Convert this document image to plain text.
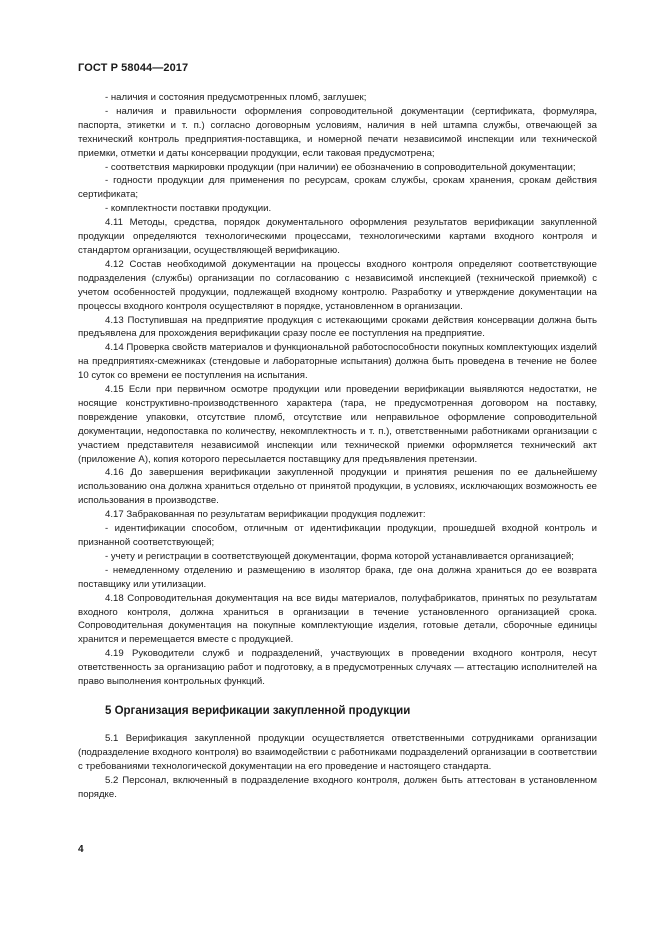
ГОСТ Р 58044—2017

- наличия и состояния предусмотренных пломб, заглушек;

- наличия и правильности оформления сопроводительной документации (сертификата, формуляра, паспорта, этикетки и т. п.) согласно договорным условиям, наличия в ней штампа службы, отвечающей за технический контроль предприятия-поставщика, и номерной печати независимой инспекции или технической приемки, отметки и даты консервации продукции, если таковая предусмотрена;

- соответствия маркировки продукции (при наличии) ее обозначению в сопроводительной документации;

- годности продукции для применения по ресурсам, срокам службы, срокам хранения, срокам действия сертификата;

- комплектности поставки продукции.

4.11 Методы, средства, порядок документального оформления результатов верификации закупленной продукции определяются технологическими процессами, технологическими картами входного контроля и стандартом организации, осуществляющей верификацию.

4.12 Состав необходимой документации на процессы входного контроля определяют соответствующие подразделения (службы) организации по согласованию с независимой инспекцией (технической приемкой) с учетом особенностей продукции, подлежащей входному контролю. Разработку и утверждение документации на процессы входного контроля осуществляют в порядке, установленном в организации.

4.13 Поступившая на предприятие продукция с истекающими сроками действия консервации должна быть предъявлена для прохождения верификации сразу после ее поступления на предприятие.

4.14 Проверка свойств материалов и функциональной работоспособности покупных комплектующих изделий на предприятиях-смежниках (стендовые и лабораторные испытания) должна быть проведена в течение не более 10 суток со времени ее поступления на испытания.

4.15 Если при первичном осмотре продукции или проведении верификации выявляются недостатки, не носящие конструктивно-производственного характера (тара, не предусмотренная договором на поставку, повреждение упаковки, отсутствие пломб, отсутствие или неправильное оформление сопроводительной документации, недопоставка по количеству, некомплектность и т. п.), ответственными работниками организации с участием представителя независимой инспекции или технической приемки оформляется технический акт (приложение А), копия которого пересылается поставщику для предъявления претензии.

4.16 До завершения верификации закупленной продукции и принятия решения по ее дальнейшему использованию она должна храниться отдельно от принятой продукции, в условиях, исключающих возможность ее использования в производстве.

4.17 Забракованная по результатам верификации продукция подлежит:

- идентификации способом, отличным от идентификации продукции, прошедшей входной контроль и признанной соответствующей;

- учету и регистрации в соответствующей документации, форма которой устанавливается организацией;

- немедленному отделению и размещению в изолятор брака, где она должна храниться до ее возврата поставщику или утилизации.

4.18 Сопроводительная документация на все виды материалов, полуфабрикатов, принятых по результатам входного контроля, должна храниться в организации в течение установленного организацией срока. Сопроводительная документация на покупные комплектующие изделия, готовые детали, сборочные единицы хранится и перемещается вместе с продукцией.

4.19 Руководители служб и подразделений, участвующих в проведении входного контроля, несут ответственность за организацию работ и подготовку, а в предусмотренных случаях — аттестацию исполнителей на право выполнения контрольных функций.

5 Организация верификации закупленной продукции

5.1 Верификация закупленной продукции осуществляется ответственными сотрудниками организации (подразделение входного контроля) во взаимодействии с работниками подразделений организации в соответствии с требованиями технологической документации на его проведение и настоящего стандарта.

5.2 Персонал, включенный в подразделение входного контроля, должен быть аттестован в установленном порядке.

4
